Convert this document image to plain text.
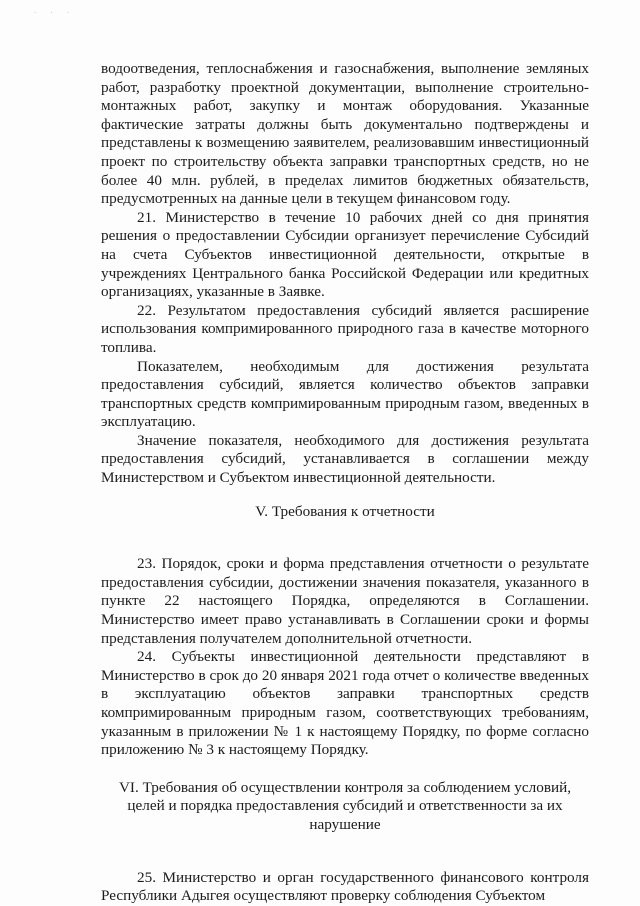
· · ·

водоотведения, теплоснабжения и газоснабжения, выполнение земляных работ, разработку проектной документации, выполнение строительно-монтажных работ, закупку и монтаж оборудования. Указанные фактические затраты должны быть документально подтверждены и представлены к возмещению заявителем, реализовавшим инвестиционный проект по строительству объекта заправки транспортных средств, но не более 40 млн. рублей, в пределах лимитов бюджетных обязательств, предусмотренных на данные цели в текущем финансовом году.

21. Министерство в течение 10 рабочих дней со дня принятия решения о предоставлении Субсидии организует перечисление Субсидий на счета Субъектов инвестиционной деятельности, открытые в учреждениях Центрального банка Российской Федерации или кредитных организациях, указанные в Заявке.

22. Результатом предоставления субсидий является расширение использования компримированного природного газа в качестве моторного топлива.

Показателем, необходимым для достижения результата предоставления субсидий, является количество объектов заправки транспортных средств компримированным природным газом, введенных в эксплуатацию.

Значение показателя, необходимого для достижения результата предоставления субсидий, устанавливается в соглашении между Министерством и Субъектом инвестиционной деятельности.

V. Требования к отчетности

23. Порядок, сроки и форма представления отчетности о результате предоставления субсидии, достижении значения показателя, указанного в пункте 22 настоящего Порядка, определяются в Соглашении. Министерство имеет право устанавливать в Соглашении сроки и формы представления получателем дополнительной отчетности.

24. Субъекты инвестиционной деятельности представляют в Министерство в срок до 20 января 2021 года отчет о количестве введенных в эксплуатацию объектов заправки транспортных средств компримированным природным газом, соответствующих требованиям, указанным в приложении № 1 к настоящему Порядку, по форме согласно приложению № 3 к настоящему Порядку.

VI. Требования об осуществлении контроля за соблюдением условий, целей и порядка предоставления субсидий и ответственности за их нарушение

25. Министерство и орган государственного финансового контроля Республики Адыгея осуществляют проверку соблюдения Субъектом
